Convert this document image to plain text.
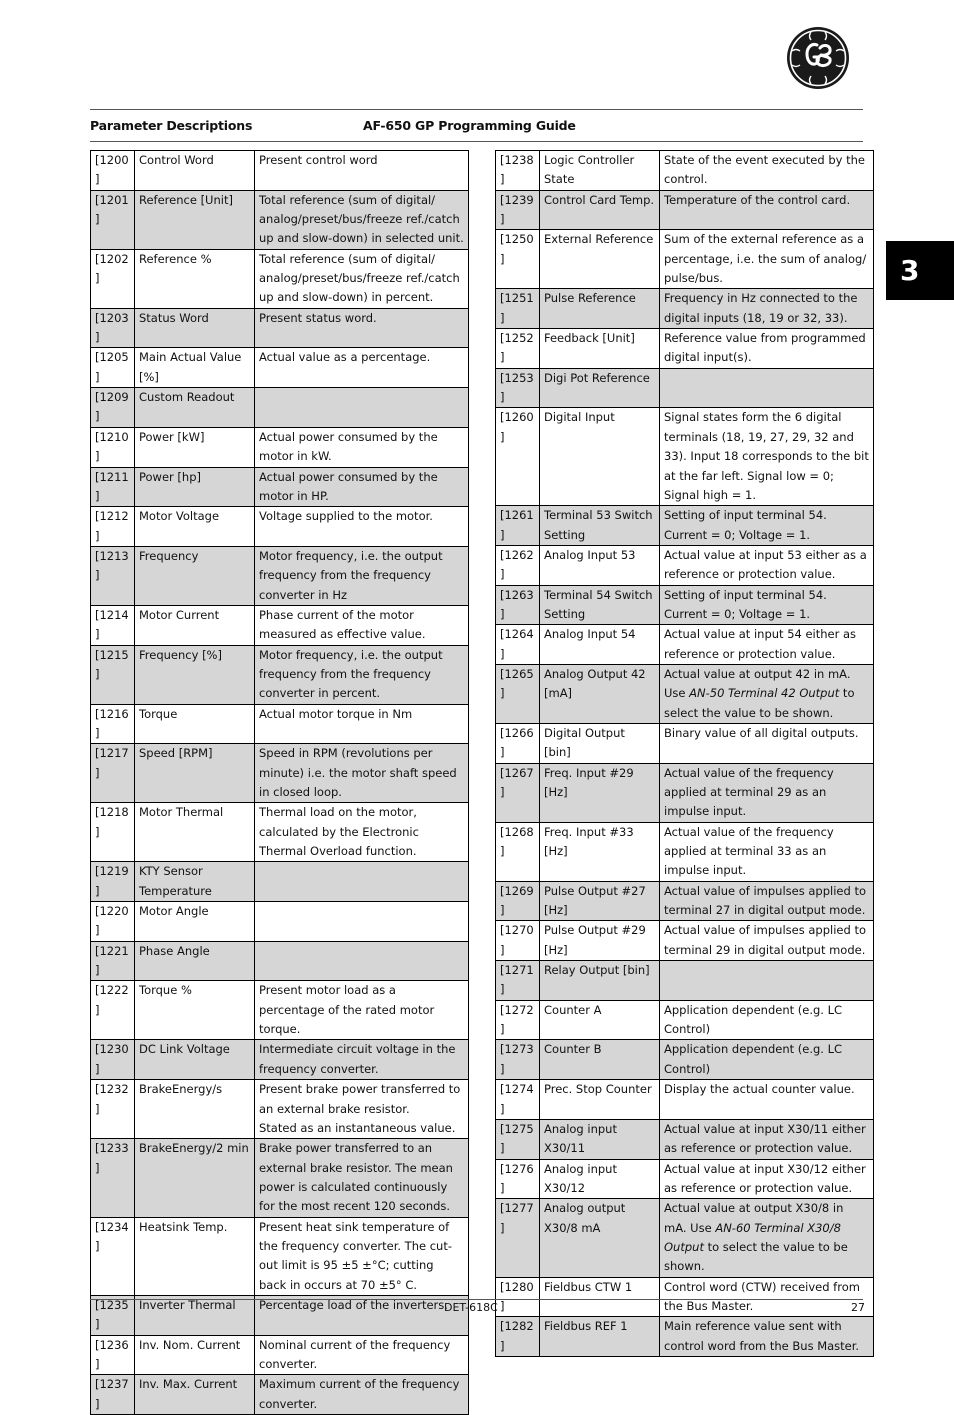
Parameter Descriptions	AF-650 GP Programming Guide
3
[1200]	Control Word	Present control word
[1201]	Reference [Unit]	Total reference (sum of digital/ analog/preset/bus/freeze ref./catch up and slow-down) in selected unit.
[1202]	Reference %	Total reference (sum of digital/ analog/preset/bus/freeze ref./catch up and slow-down) in percent.
[1203]	Status Word	Present status word.
[1205]	Main Actual Value [%]	Actual value as a percentage.
[1209]	Custom Readout	
[1210]	Power [kW]	Actual power consumed by the motor in kW.
[1211]	Power [hp]	Actual power consumed by the motor in HP.
[1212]	Motor Voltage	Voltage supplied to the motor.
[1213]	Frequency	Motor frequency, i.e. the output frequency from the frequency converter in Hz
[1214]	Motor Current	Phase current of the motor measured as effective value.
[1215]	Frequency [%]	Motor frequency, i.e. the output frequency from the frequency converter in percent.
[1216]	Torque	Actual motor torque in Nm
[1217]	Speed [RPM]	Speed in RPM (revolutions per minute) i.e. the motor shaft speed in closed loop.
[1218]	Motor Thermal	Thermal load on the motor, calculated by the Electronic Thermal Overload function.
[1219]	KTY Sensor Temperature	
[1220]	Motor Angle	
[1221]	Phase Angle	
[1222]	Torque %	Present motor load as a percentage of the rated motor torque.
[1230]	DC Link Voltage	Intermediate circuit voltage in the frequency converter.
[1232]	BrakeEnergy/s	Present brake power transferred to an external brake resistor.
Stated as an instantaneous value.
[1233]	BrakeEnergy/2 min	Brake power transferred to an external brake resistor. The mean power is calculated continuously for the most recent 120 seconds.
[1234]	Heatsink Temp.	Present heat sink temperature of the frequency converter. The cut-out limit is 95 ±5 ±°C; cutting back in occurs at 70 ±5° C.
[1235]	Inverter Thermal	Percentage load of the inverters.
[1236]	Inv. Nom. Current	Nominal current of the frequency converter.
[1237]	Inv. Max. Current	Maximum current of the frequency converter.
[1238]	Logic Controller State	State of the event executed by the control.
[1239]	Control Card Temp.	Temperature of the control card.
[1250]	External Reference	Sum of the external reference as a percentage, i.e. the sum of analog/ pulse/bus.
[1251]	Pulse Reference	Frequency in Hz connected to the digital inputs (18, 19 or 32, 33).
[1252]	Feedback [Unit]	Reference value from programmed digital input(s).
[1253]	Digi Pot Reference	
[1260]	Digital Input	Signal states form the 6 digital terminals (18, 19, 27, 29, 32 and 33). Input 18 corresponds to the bit at the far left. Signal low = 0; Signal high = 1.
[1261]	Terminal 53 Switch Setting	Setting of input terminal 54. Current = 0; Voltage = 1.
[1262]	Analog Input 53	Actual value at input 53 either as a reference or protection value.
[1263]	Terminal 54 Switch Setting	Setting of input terminal 54. Current = 0; Voltage = 1.
[1264]	Analog Input 54	Actual value at input 54 either as reference or protection value.
[1265]	Analog Output 42 [mA]	Actual value at output 42 in mA. Use AN-50 Terminal 42 Output to select the value to be shown.
[1266]	Digital Output [bin]	Binary value of all digital outputs.
[1267]	Freq. Input #29 [Hz]	Actual value of the frequency applied at terminal 29 as an impulse input.
[1268]	Freq. Input #33 [Hz]	Actual value of the frequency applied at terminal 33 as an impulse input.
[1269]	Pulse Output #27 [Hz]	Actual value of impulses applied to terminal 27 in digital output mode.
[1270]	Pulse Output #29 [Hz]	Actual value of impulses applied to terminal 29 in digital output mode.
[1271]	Relay Output [bin]	
[1272]	Counter A	Application dependent (e.g. LC Control)
[1273]	Counter B	Application dependent (e.g. LC Control)
[1274]	Prec. Stop Counter	Display the actual counter value.
[1275]	Analog input X30/11	Actual value at input X30/11 either as reference or protection value.
[1276]	Analog input X30/12	Actual value at input X30/12 either as reference or protection value.
[1277]	Analog output X30/8 mA	Actual value at output X30/8 in mA. Use AN-60 Terminal X30/8 Output to select the value to be shown.
[1280]	Fieldbus CTW 1	Control word (CTW) received from the Bus Master.
[1282]	Fieldbus REF 1	Main reference value sent with control word from the Bus Master.
DET-618C	27
